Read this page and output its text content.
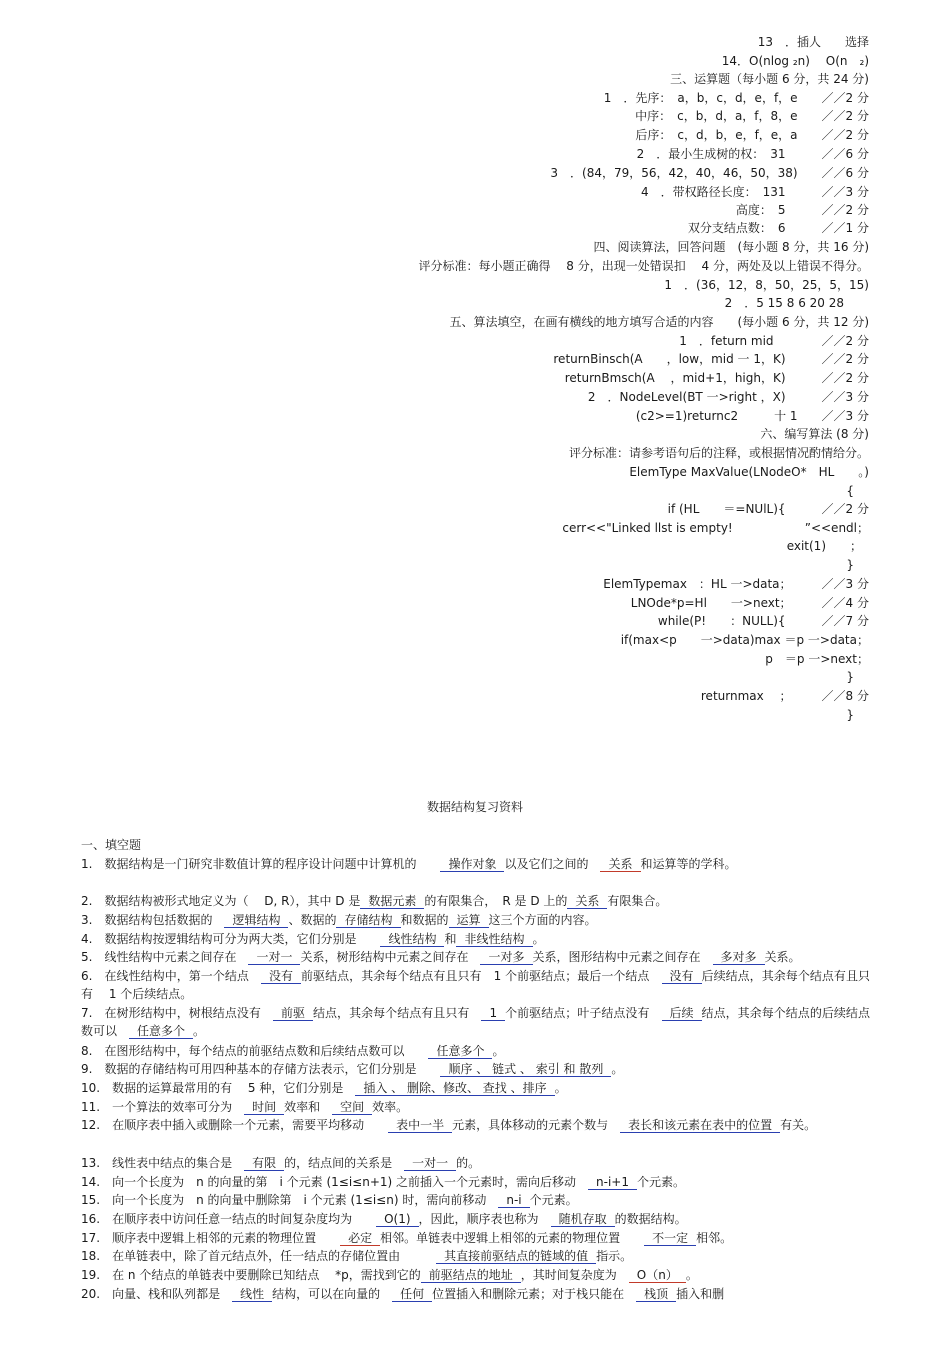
13　．插人　　选择
14．O(nlog ₂n)　 O(n　₂)
三、运算题（每小题 6 分，共 24 分)
1　．先序：　a，b，c，d，e，f，e　　／／2 分
中序：　c，b，d，a，f，8，e　　／／2 分
后序：　c，d，b，e，f，e，a　　／／2 分
2　．最小生成树的权：　31　　　／／6 分
3　．(84，79，56，42，40，46，50，38)　　／／6 分
4　．带权路径长度：　131　　　／／3 分
高度：　5　　　／／2 分
双分支结点数：　6　　　／／1 分
四、阅读算法，回答问题　(每小题 8 分，共 16 分)
评分标准：每小题正确得　 8 分，出现一处错误扣　 4 分，两处及以上错误不得分。
1　．(36，12，8，50，25，5，15)
2　．5 15 8 6 20 28
五、算法填空，在画有横线的地方填写合适的内容　　(每小题 6 分，共 12 分)
1　．feturn mid　　　　／／2 分
returnBinsch(A　　，low，mid 一 1，K)　　　／／2 分
returnBmsch(A　 ，mid+1，high，K)　　　／／2 分
2　．NodeLevel(BT 一>right ，X)　　　／／3 分
(c2>=1)returnc2　　　十 1　　／／3 分
六、编写算法 (8 分)
评分标准：请参考语句后的注释，或根据情况酌情给分。
ElemType MaxValue(LNodeO*　HL　　。)
{
if (HL　　＝=NUlL){　　　／／2 分
cerr<<"Linked llst is empty!　　　　　　”<<endl；
exit(1)　　；
}
ElemTypemax　：HL 一>data；　　　／／3 分
LNOde*p=Hl　　一>next；　　　／／4 分
while(P!　　：NULL){　　　／／7 分
if(max<p　　一>data)max ＝p 一>data；
p　＝p 一>next；
}
returnmax　 ；　　　／／8 分
}
数据结构复习资料
一、填空题
1.　数据结构是一门研究非数值计算的程序设计问题中计算机的　　操作对象 以及它们之间的　关系 和运算等的学科。
2.　数据结构被形式地定义为（　 D, R），其中 D 是 数据元素 的有限集合，　R 是 D 上的 关系 有限集合。
3.　数据结构包括数据的　逻辑结构 、数据的 存储结构 和数据的 运算 这三个方面的内容。
4.　数据结构按逻辑结构可分为两大类，它们分别是　　线性结构 和 非线性结构 。
5.　线性结构中元素之间存在　一对一 关系，树形结构中元素之间存在　一对多 关系，图形结构中元素之间存在　多对多 关系。
6.　在线性结构中，第一个结点　没有 前驱结点，其余每个结点有且只有　1 个前驱结点；最后一个结点　没有 后续结点，其余每个结点有且只有　 1 个后续结点。
7.　在树形结构中，树根结点没有　前驱 结点，其余每个结点有且只有　1 个前驱结点；叶子结点没有　后续 结点，其余每个结点的后续结点数可以　任意多个 。
8.　在图形结构中，每个结点的前驱结点数和后续结点数可以　　任意多个 。
9.　数据的存储结构可用四种基本的存储方法表示，它们分别是　　顺序 、 链式 、 索引 和 散列 。
10.　数据的运算最常用的有　 5 种，它们分别是　插入 、 删除、修改、 查找 、排序 。
11.　一个算法的效率可分为　时间 效率和　空间 效率。
12.　在顺序表中插入或删除一个元素，需要平均移动　　表中一半 元素，具体移动的元素个数与　表长和该元素在表中的位置 有关。
13.　线性表中结点的集合是　有限 的，结点间的关系是　一对一 的。
14.　向一个长度为　n 的向量的第　i 个元素 (1≤i≤n+1) 之前插入一个元素时，需向后移动　n-i+1 个元素。
15.　向一个长度为　n 的向量中删除第　i 个元素 (1≤i≤n) 时，需向前移动　n-i 个元素。
16.　在顺序表中访问任意一结点的时间复杂度均为　　O(1) ，因此，顺序表也称为　随机存取 的数据结构。
17.　顺序表中逻辑上相邻的元素的物理位置　　必定 相邻。单链表中逻辑上相邻的元素的物理位置　　不一定 相邻。
18.　在单链表中，除了首元结点外，任一结点的存储位置由　　　其直接前驱结点的链域的值 指示。
19.　在 n 个结点的单链表中要删除已知结点　 *p，需找到它的 前驱结点的地址 ，其时间复杂度为　O（n） 。
20.　向量、栈和队列都是　线性 结构，可以在向量的　任何 位置插入和删除元素；对于栈只能在　栈顶 插入和删
